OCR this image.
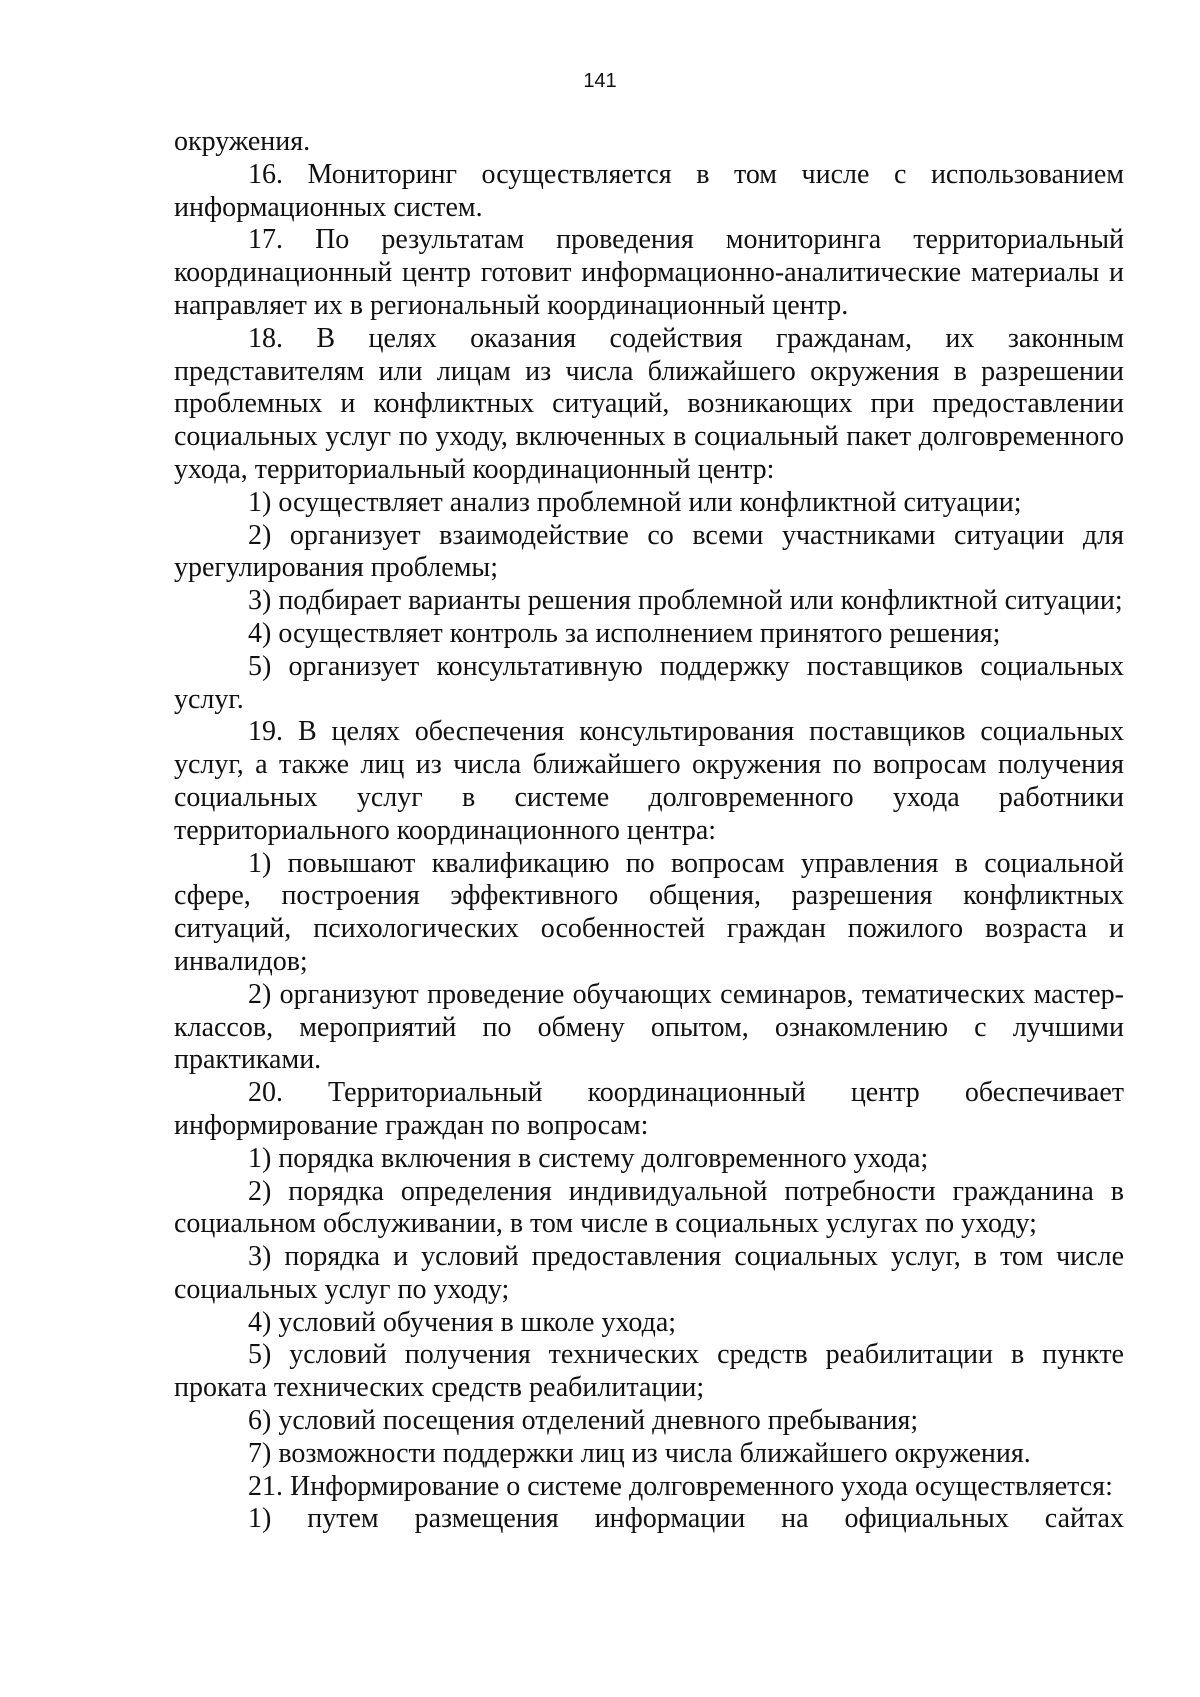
141

окружения.

16. Мониторинг осуществляется в том числе с использованием информационных систем.

17. По результатам проведения мониторинга территориальный координационный центр готовит информационно-аналитические материалы и направляет их в региональный координационный центр.

18. В целях оказания содействия гражданам, их законным представителям или лицам из числа ближайшего окружения в разрешении проблемных и конфликтных ситуаций, возникающих при предоставлении социальных услуг по уходу, включенных в социальный пакет долговременного ухода, территориальный координационный центр:

1) осуществляет анализ проблемной или конфликтной ситуации;

2) организует взаимодействие со всеми участниками ситуации для урегулирования проблемы;

3) подбирает варианты решения проблемной или конфликтной ситуации;

4) осуществляет контроль за исполнением принятого решения;

5) организует консультативную поддержку поставщиков социальных услуг.

19. В целях обеспечения консультирования поставщиков социальных услуг, а также лиц из числа ближайшего окружения по вопросам получения социальных услуг в системе долговременного ухода работники территориального координационного центра:

1) повышают квалификацию по вопросам управления в социальной сфере, построения эффективного общения, разрешения конфликтных ситуаций, психологических особенностей граждан пожилого возраста и инвалидов;

2) организуют проведение обучающих семинаров, тематических мастер-классов, мероприятий по обмену опытом, ознакомлению с лучшими практиками.

20. Территориальный координационный центр обеспечивает информирование граждан по вопросам:

1) порядка включения в систему долговременного ухода;

2) порядка определения индивидуальной потребности гражданина в социальном обслуживании, в том числе в социальных услугах по уходу;

3) порядка и условий предоставления социальных услуг, в том числе социальных услуг по уходу;

4) условий обучения в школе ухода;

5) условий получения технических средств реабилитации в пункте проката технических средств реабилитации;

6) условий посещения отделений дневного пребывания;

7) возможности поддержки лиц из числа ближайшего окружения.

21. Информирование о системе долговременного ухода осуществляется:

1) путем размещения информации на официальных сайтах
